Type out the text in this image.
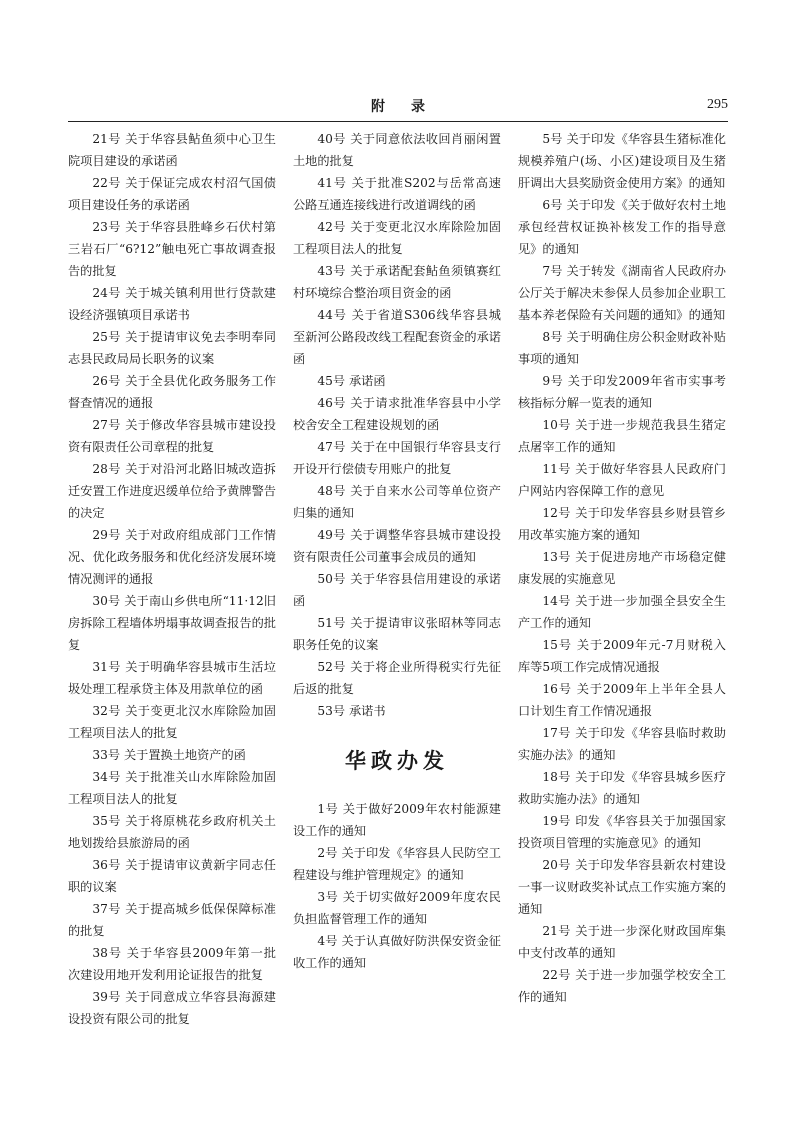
附录	295

21号 关于华容县鲇鱼须中心卫生院项目建设的承诺函

22号 关于保证完成农村沼气国债项目建设任务的承诺函

23号 关于华容县胜峰乡石伏村第三岩石厂“6?12”触电死亡事故调查报告的批复

24号 关于城关镇利用世行贷款建设经济强镇项目承诺书

25号 关于提请审议免去李明奉同志县民政局局长职务的议案

26号 关于全县优化政务服务工作督查情况的通报

27号 关于修改华容县城市建设投资有限责任公司章程的批复

28号 关于对沿河北路旧城改造拆迁安置工作进度迟缓单位给予黄牌警告的决定

29号 关于对政府组成部门工作情况、优化政务服务和优化经济发展环境情况测评的通报

30号 关于南山乡供电所“11·12旧房拆除工程墙体坍塌事故调查报告的批复

31号 关于明确华容县城市生活垃圾处理工程承贷主体及用款单位的函

32号 关于变更北汉水库除险加固工程项目法人的批复

33号 关于置换土地资产的函

34号 关于批准关山水库除险加固工程项目法人的批复

35号 关于将原桃花乡政府机关土地划拨给县旅游局的函

36号 关于提请审议黄新宇同志任职的议案

37号 关于提高城乡低保保障标准的批复

38号 关于华容县2009年第一批次建设用地开发利用论证报告的批复

39号 关于同意成立华容县海源建设投资有限公司的批复

40号 关于同意依法收回肖丽闲置土地的批复

41号 关于批准S202与岳常高速公路互通连接线进行改道调线的函

42号 关于变更北汉水库除险加固工程项目法人的批复

43号 关于承诺配套鲇鱼须镇赛红村环境综合整治项目资金的函

44号 关于省道S306线华容县城至新河公路段改线工程配套资金的承诺函

45号 承诺函

46号 关于请求批准华容县中小学校舍安全工程建设规划的函

47号 关于在中国银行华容县支行开设开行偿债专用账户的批复

48号 关于自来水公司等单位资产归集的通知

49号 关于调整华容县城市建设投资有限责任公司董事会成员的通知

50号 关于华容县信用建设的承诺函

51号 关于提请审议张昭林等同志职务任免的议案

52号 关于将企业所得税实行先征后返的批复

53号 承诺书

华政办发

1号 关于做好2009年农村能源建设工作的通知

2号 关于印发《华容县人民防空工程建设与维护管理规定》的通知

3号 关于切实做好2009年度农民负担监督管理工作的通知

4号 关于认真做好防洪保安资金征收工作的通知

5号 关于印发《华容县生猪标准化规模养殖户(场、小区)建设项目及生猪肝调出大县奖励资金使用方案》的通知

6号 关于印发《关于做好农村土地承包经营权证换补核发工作的指导意见》的通知

7号 关于转发《湖南省人民政府办公厅关于解决未参保人员参加企业职工基本养老保险有关问题的通知》的通知

8号 关于明确住房公积金财政补贴事项的通知

9号 关于印发2009年省市实事考核指标分解一览表的通知

10号 关于进一步规范我县生猪定点屠宰工作的通知

11号 关于做好华容县人民政府门户网站内容保障工作的意见

12号 关于印发华容县乡财县管乡用改革实施方案的通知

13号 关于促进房地产市场稳定健康发展的实施意见

14号 关于进一步加强全县安全生产工作的通知

15号 关于2009年元-7月财税入库等5项工作完成情况通报

16号 关于2009年上半年全县人口计划生育工作情况通报

17号 关于印发《华容县临时救助实施办法》的通知

18号 关于印发《华容县城乡医疗救助实施办法》的通知

19号 印发《华容县关于加强国家投资项目管理的实施意见》的通知

20号 关于印发华容县新农村建设一事一议财政奖补试点工作实施方案的通知

21号 关于进一步深化财政国库集中支付改革的通知

22号 关于进一步加强学校安全工作的通知
